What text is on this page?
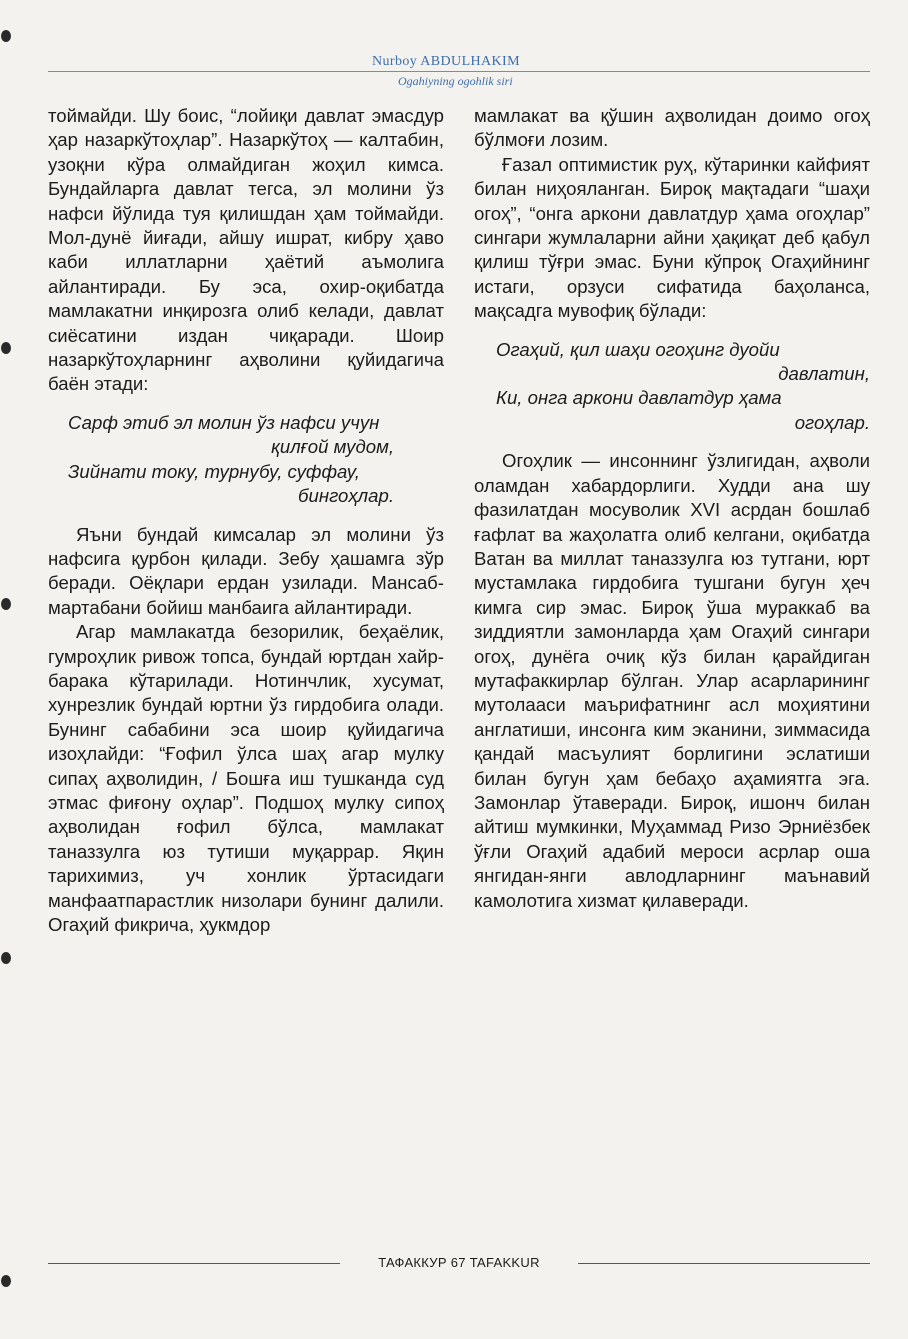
Nurboy ABDULHAKIM
Ogahiyning ogohlik siri

тоймайди. Шу боис, “лойиқи давлат эмасдур ҳар назаркўтоҳлар”. Назаркўтоҳ — калтабин, узоқни кўра олмайдиган жоҳил кимса. Бундайларга давлат тегса, эл молини ўз нафси йўлида туя қилишдан ҳам тоймайди. Мол-дунё йиғади, айшу ишрат, кибру ҳаво каби иллатларни ҳаётий аъмолига айлантиради. Бу эса, охир-оқибатда мамлакатни инқирозга олиб келади, давлат сиёсатини издан чиқаради. Шоир назаркўтоҳларнинг аҳволини қуйидагича баён этади:

Сарф этиб эл молин ўз нафси учун
қилғой мудом,
Зийнати току, турнубу, суффау,
бингоҳлар.

Яъни бундай кимсалар эл молини ўз нафсига қурбон қилади. Зебу ҳашамга зўр беради. Оёқлари ердан узилади. Мансаб-мартабани бойиш манбаига айлантиради.

Агар мамлакатда безорилик, беҳаёлик, гумроҳлик ривож топса, бундай юртдан хайр-барака кўтарилади. Нотинчлик, хусумат, хунрезлик бундай юртни ўз гирдобига олади. Бунинг сабабини эса шоир қуйидагича изоҳлайди: “Ғофил ўлса шаҳ агар мулку сипаҳ аҳволидин, / Бошға иш тушканда суд этмас фиғону оҳлар”. Подшоҳ мулку сипоҳ аҳволидан ғофил бўлса, мамлакат таназзулга юз тутиши муқаррар. Яқин тарихимиз, уч хонлик ўртасидаги манфаатпарастлик низолари бунинг далили. Огаҳий фикрича, ҳукмдор

мамлакат ва қўшин аҳволидан доимо огоҳ бўлмоғи лозим.

Ғазал оптимистик руҳ, кўтаринки кайфият билан ниҳояланган. Бироқ мақтадаги “шаҳи огоҳ”, “онга аркони давлатдур ҳама огоҳлар” сингари жумлаларни айни ҳақиқат деб қабул қилиш тўғри эмас. Буни кўпроқ Огаҳийнинг истаги, орзуси сифатида баҳоланса, мақсадга мувофиқ бўлади:

Огаҳий, қил шаҳи огоҳинг дуойи
давлатин,
Ки, онга аркони давлатдур ҳама
огоҳлар.

Огоҳлик — инсоннинг ўзлигидан, аҳволи оламдан хабардорлиги. Худди ана шу фазилатдан мосуволик XVI асрдан бошлаб ғафлат ва жаҳолатга олиб келгани, оқибатда Ватан ва миллат таназзулга юз тутгани, юрт мустамлака гирдобига тушгани бугун ҳеч кимга сир эмас. Бироқ ўша мураккаб ва зиддиятли замонларда ҳам Огаҳий сингари огоҳ, дунёга очиқ кўз билан қарайдиган мутафаккирлар бўлган. Улар асарларининг мутолааси маърифатнинг асл моҳиятини англатиши, инсонга ким эканини, зиммасида қандай масъулият борлигини эслатиши билан бугун ҳам бебаҳо аҳамиятга эга. Замонлар ўтаверади. Бироқ, ишонч билан айтиш мумкинки, Муҳаммад Ризо Эрниёзбек ўғли Огаҳий адабий мероси асрлар оша янгидан-янги авлодларнинг маънавий камолотига хизмат қилаверади.

ТАФАККУР 67 TAFAKKUR
